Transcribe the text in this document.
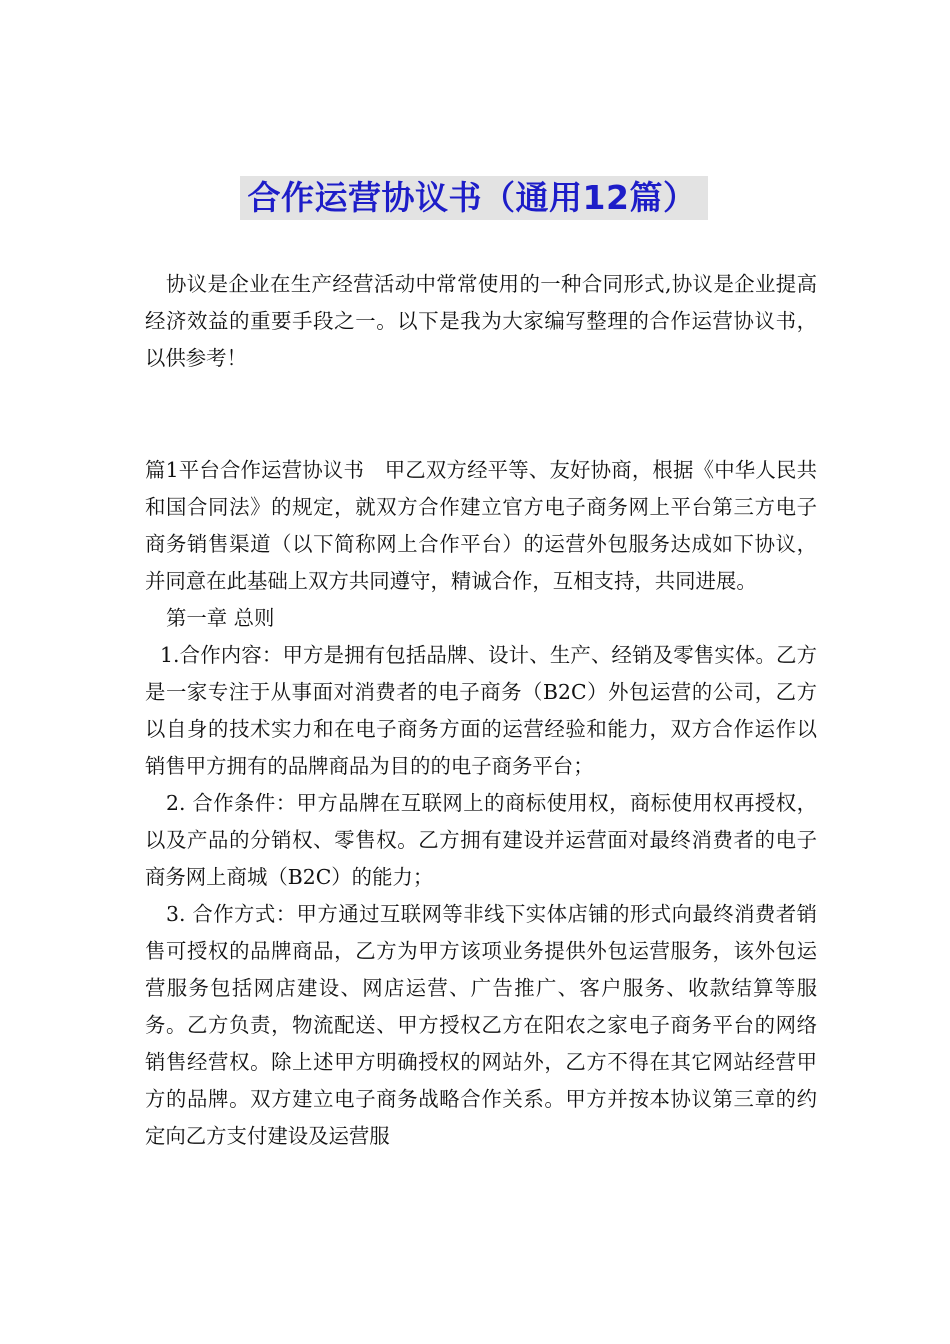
合作运营协议书（通用12篇）

协议是企业在生产经营活动中常常使用的一种合同形式,协议是企业提高经济效益的重要手段之一。以下是我为大家编写整理的合作运营协议书，以供参考！

篇1平台合作运营协议书　甲乙双方经平等、友好协商，根据《中华人民共和国合同法》的规定，就双方合作建立官方电子商务网上平台第三方电子商务销售渠道（以下简称网上合作平台）的运营外包服务达成如下协议，并同意在此基础上双方共同遵守，精诚合作，互相支持，共同进展。

第一章 总则

1.合作内容：甲方是拥有包括品牌、设计、生产、经销及零售实体。乙方是一家专注于从事面对消费者的电子商务（B2C）外包运营的公司，乙方以自身的技术实力和在电子商务方面的运营经验和能力，双方合作运作以销售甲方拥有的品牌商品为目的的电子商务平台；

2. 合作条件：甲方品牌在互联网上的商标使用权，商标使用权再授权，以及产品的分销权、零售权。乙方拥有建设并运营面对最终消费者的电子商务网上商城（B2C）的能力；

3. 合作方式：甲方通过互联网等非线下实体店铺的形式向最终消费者销售可授权的品牌商品，乙方为甲方该项业务提供外包运营服务，该外包运营服务包括网店建设、网店运营、广告推广、客户服务、收款结算等服务。乙方负责，物流配送、甲方授权乙方在阳农之家电子商务平台的网络销售经营权。除上述甲方明确授权的网站外，乙方不得在其它网站经营甲方的品牌。双方建立电子商务战略合作关系。甲方并按本协议第三章的约定向乙方支付建设及运营服
